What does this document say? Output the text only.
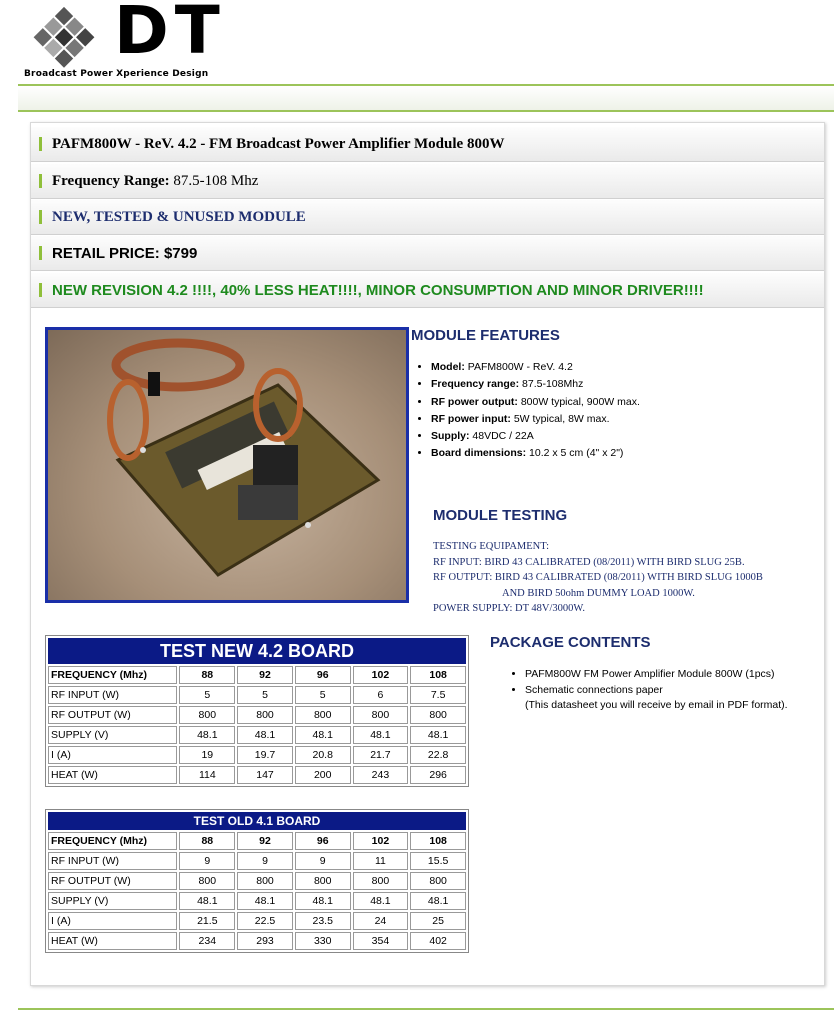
DT
Broadcast Power Xperience Design
PAFM800W - ReV. 4.2 - FM Broadcast Power Amplifier Module 800W
Frequency Range: 87.5-108 Mhz
NEW, TESTED & UNUSED MODULE
RETAIL PRICE: $799
NEW REVISION 4.2 !!!!, 40% LESS HEAT!!!!, MINOR CONSUMPTION AND MINOR DRIVER!!!!
MODULE FEATURES
• Model: PAFM800W - ReV. 4.2
• Frequency range: 87.5-108Mhz
• RF power output: 800W typical, 900W max.
• RF power input: 5W typical, 8W max.
• Supply: 48VDC / 22A
• Board dimensions: 10.2 x 5 cm (4" x 2")
MODULE TESTING
TESTING EQUIPAMENT:
RF INPUT: BIRD 43 CALIBRATED (08/2011) WITH BIRD SLUG 25B.
RF OUTPUT: BIRD 43 CALIBRATED (08/2011) WITH BIRD SLUG 1000B
AND BIRD 50ohm DUMMY LOAD 1000W.
POWER SUPPLY: DT 48V/3000W.
PACKAGE CONTENTS
• PAFM800W FM Power Amplifier Module 800W (1pcs)
• Schematic connections paper
(This datasheet you will receive by email in PDF format).
TEST NEW 4.2 BOARD					
FREQUENCY (Mhz)	88	92	96	102	108
RF INPUT (W)	5	5	5	6	7.5
RF OUTPUT (W)	800	800	800	800	800
SUPPLY (V)	48.1	48.1	48.1	48.1	48.1
I (A)	19	19.7	20.8	21.7	22.8
HEAT (W)	114	147	200	243	296
TEST OLD 4.1 BOARD					
FREQUENCY (Mhz)	88	92	96	102	108
RF INPUT (W)	9	9	9	11	15.5
RF OUTPUT (W)	800	800	800	800	800
SUPPLY (V)	48.1	48.1	48.1	48.1	48.1
I (A)	21.5	22.5	23.5	24	25
HEAT (W)	234	293	330	354	402
